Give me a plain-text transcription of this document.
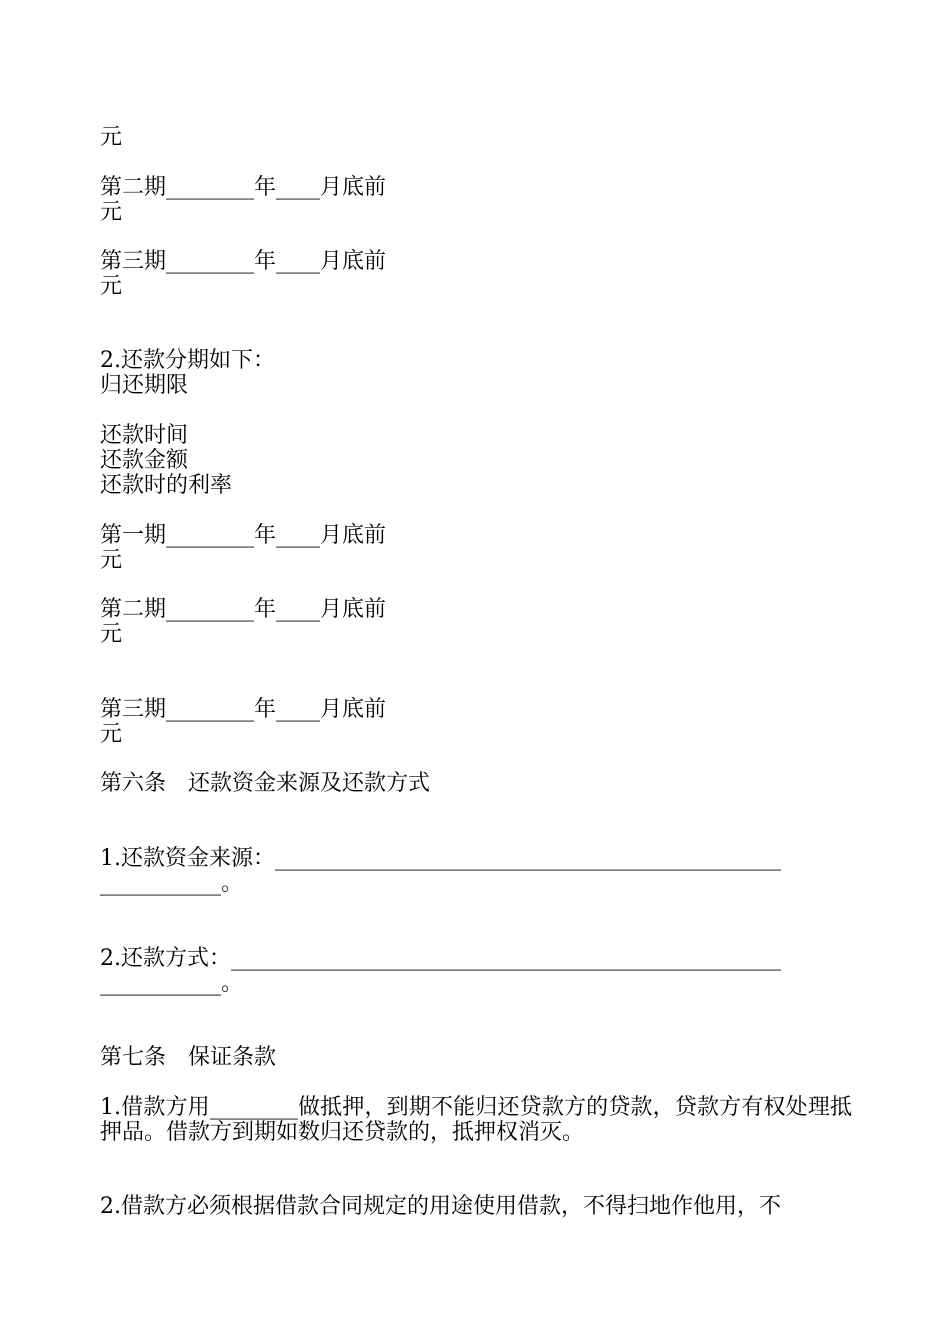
元

第二期________年____月底前

元

第三期________年____月底前

元

2.还款分期如下：

归还期限

还款时间

还款金额

还款时的利率

第一期________年____月底前

元

第二期________年____月底前

元

第三期________年____月底前

元

第六条　还款资金来源及还款方式

1.还款资金来源：______________________________________________

___________。

2.还款方式：__________________________________________________

___________。

第七条　保证条款

1.借款方用________做抵押，到期不能归还贷款方的贷款，贷款方有权处理抵押品。借款方到期如数归还贷款的，抵押权消灭。

2.借款方必须根据借款合同规定的用途使用借款，不得扫地作他用，不
